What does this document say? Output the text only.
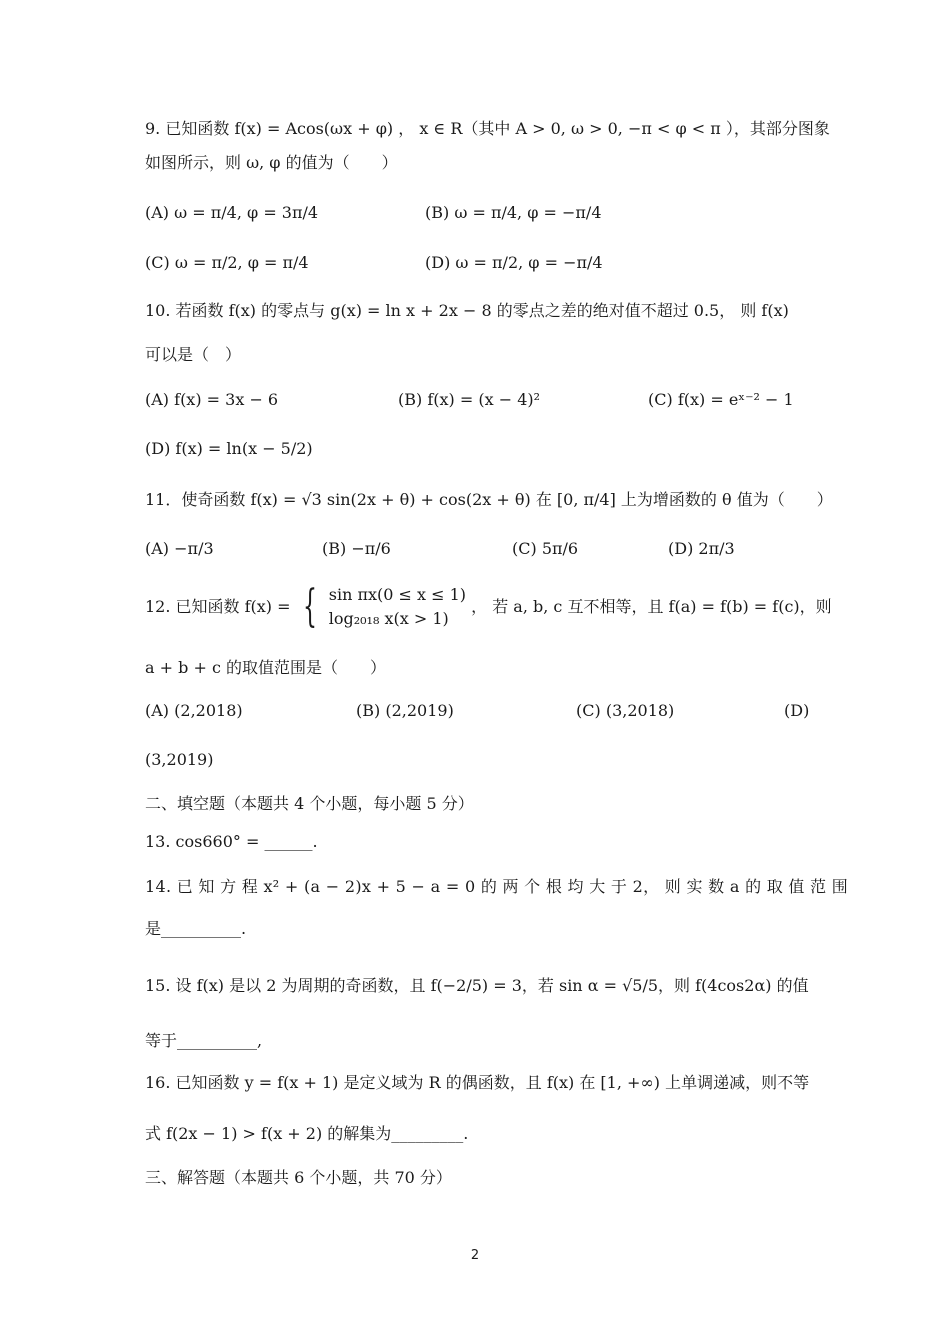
9. 已知函数 f(x) = Acos(ωx + φ) ， x ∈ R（其中 A > 0, ω > 0, −π < φ < π ），其部分图象
如图所示，则 ω, φ 的值为（　　）
(A) ω = π/4, φ = 3π/4	(B) ω = π/4, φ = −π/4
(C) ω = π/2, φ = π/4	(D) ω = π/2, φ = −π/4
10. 若函数 f(x) 的零点与 g(x) = ln x + 2x − 8 的零点之差的绝对值不超过 0.5， 则 f(x)
可以是（　）
(A) f(x) = 3x − 6	(B) f(x) = (x − 4)²	(C) f(x) = eˣ⁻² − 1
(D) f(x) = ln(x − 5/2)
11．使奇函数 f(x) = √3 sin(2x + θ) + cos(2x + θ) 在 [0, π/4] 上为增函数的 θ 值为（　　）
(A) −π/3	(B) −π/6	(C) 5π/6	(D) 2π/3
12. 已知函数 f(x) = { sin πx(0 ≤ x ≤ 1)
log₂₀₁₈ x(x > 1)
， 若 a, b, c 互不相等，且 f(a) = f(b) = f(c)，则
a + b + c 的取值范围是（　　）
(A) (2,2018)	(B) (2,2019)	(C) (3,2018)	(D)
(3,2019)
二、填空题（本题共 4 个小题，每小题 5 分）
13. cos660° = ______.
14. 已 知 方 程 x² + (a − 2)x + 5 − a = 0 的 两 个 根 均 大 于 2， 则 实 数 a 的 取 值 范 围
是__________.
15. 设 f(x) 是以 2 为周期的奇函数，且 f(−2/5) = 3，若 sin α = √5/5，则 f(4cos2α) 的值
等于__________,
16. 已知函数 y = f(x + 1) 是定义域为 R 的偶函数，且 f(x) 在 [1, +∞) 上单调递减，则不等
式 f(2x − 1) > f(x + 2) 的解集为_________.
三、解答题（本题共 6 个小题，共 70 分）
2
